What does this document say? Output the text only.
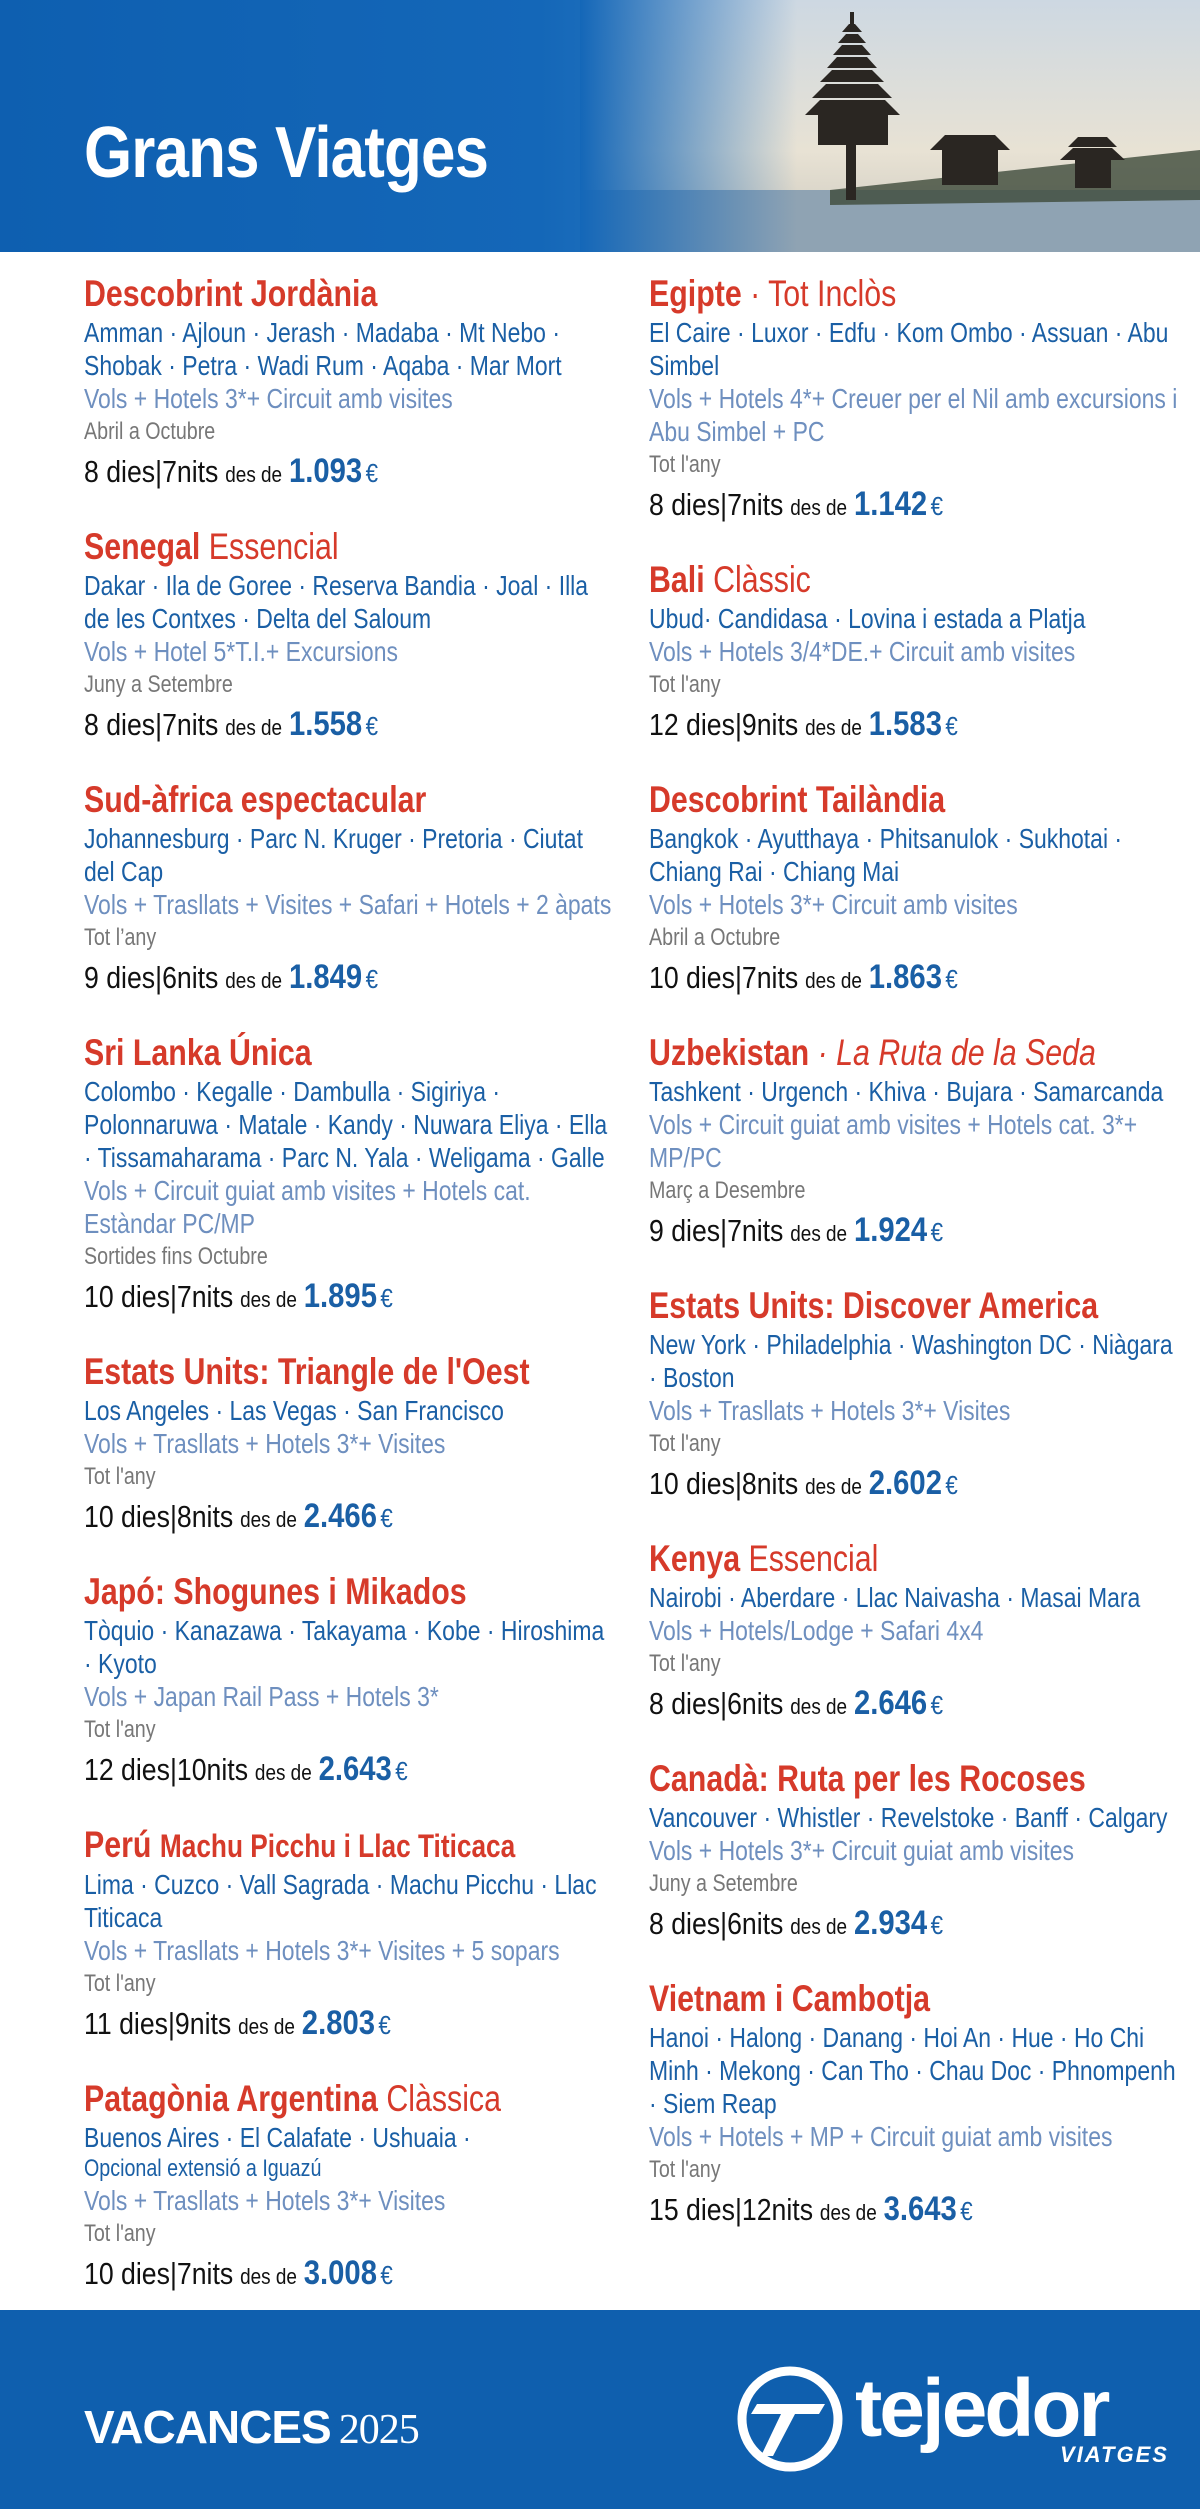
Grans Viatges
Descobrint Jordània
Amman · Ajloun · Jerash · Madaba · Mt Nebo · Shobak · Petra · Wadi Rum · Aqaba · Mar Mort
Vols + Hotels 3*+ Circuit amb visites
Abril a Octubre
8 dies|7nits des de 1.093 €
Senegal Essencial
Dakar · Ila de Goree · Reserva Bandia · Joal · Illa de les Contxes · Delta del Saloum
Vols + Hotel 5*T.I.+ Excursions
Juny a Setembre
8 dies|7nits des de 1.558 €
Sud-àfrica espectacular
Johannesburg · Parc N. Kruger · Pretoria · Ciutat del Cap
Vols + Trasllats + Visites + Safari + Hotels + 2 àpats
Tot l’any
9 dies|6nits des de 1.849 €
Sri Lanka Única
Colombo · Kegalle · Dambulla · Sigiriya · Polonnaruwa · Matale · Kandy · Nuwara Eliya · Ella · Tissamaharama · Parc N. Yala · Weligama · Galle
Vols + Circuit guiat amb visites + Hotels cat. Estàndar PC/MP
Sortides fins Octubre
10 dies|7nits des de 1.895 €
Estats Units: Triangle de l'Oest
Los Angeles · Las Vegas · San Francisco
Vols + Trasllats + Hotels 3*+ Visites
Tot l'any
10 dies|8nits des de 2.466 €
Japó: Shogunes i Mikados
Tòquio · Kanazawa · Takayama · Kobe · Hiroshima · Kyoto
Vols + Japan Rail Pass + Hotels 3*
Tot l'any
12 dies|10nits des de 2.643 €
Perú Machu Picchu i Llac Titicaca
Lima · Cuzco · Vall Sagrada · Machu Picchu · Llac Titicaca
Vols + Trasllats + Hotels 3*+ Visites + 5 sopars
Tot l'any
11 dies|9nits des de 2.803 €
Patagònia Argentina Clàssica
Buenos Aires · El Calafate · Ushuaia ·
Opcional extensió a Iguazú
Vols + Trasllats + Hotels 3*+ Visites
Tot l'any
10 dies|7nits des de 3.008 €
Egipte · Tot Inclòs
El Caire · Luxor · Edfu · Kom Ombo · Assuan · Abu Simbel
Vols + Hotels 4*+ Creuer per el Nil amb excursions i Abu Simbel + PC
Tot l'any
8 dies|7nits des de 1.142 €
Bali Clàssic
Ubud· Candidasa · Lovina i estada a Platja
Vols + Hotels 3/4*DE.+ Circuit amb visites
Tot l'any
12 dies|9nits des de 1.583 €
Descobrint Tailàndia
Bangkok · Ayutthaya · Phitsanulok · Sukhotai · Chiang Rai · Chiang Mai
Vols + Hotels 3*+ Circuit amb visites
Abril a Octubre
10 dies|7nits des de 1.863 €
Uzbekistan · La Ruta de la Seda
Tashkent · Urgench · Khiva · Bujara · Samarcanda
Vols + Circuit guiat amb visites + Hotels cat. 3*+ MP/PC
Març a Desembre
9 dies|7nits des de 1.924 €
Estats Units: Discover America
New York · Philadelphia · Washington DC · Niàgara · Boston
Vols + Trasllats + Hotels 3*+ Visites
Tot l'any
10 dies|8nits des de 2.602 €
Kenya Essencial
Nairobi · Aberdare · Llac Naivasha · Masai Mara
Vols + Hotels/Lodge + Safari 4x4
Tot l'any
8 dies|6nits des de 2.646 €
Canadà: Ruta per les Rocoses
Vancouver · Whistler · Revelstoke · Banff · Calgary
Vols + Hotels 3*+ Circuit guiat amb visites
Juny a Setembre
8 dies|6nits des de 2.934 €
Vietnam i Cambotja
Hanoi · Halong · Danang · Hoi An · Hue · Ho Chi Minh · Mekong · Can Tho · Chau Doc · Phnompenh · Siem Reap
Vols + Hotels + MP + Circuit guiat amb visites
Tot l'any
15 dies|12nits des de 3.643 €
VACANCES 2025	tejedor
VIATGES
